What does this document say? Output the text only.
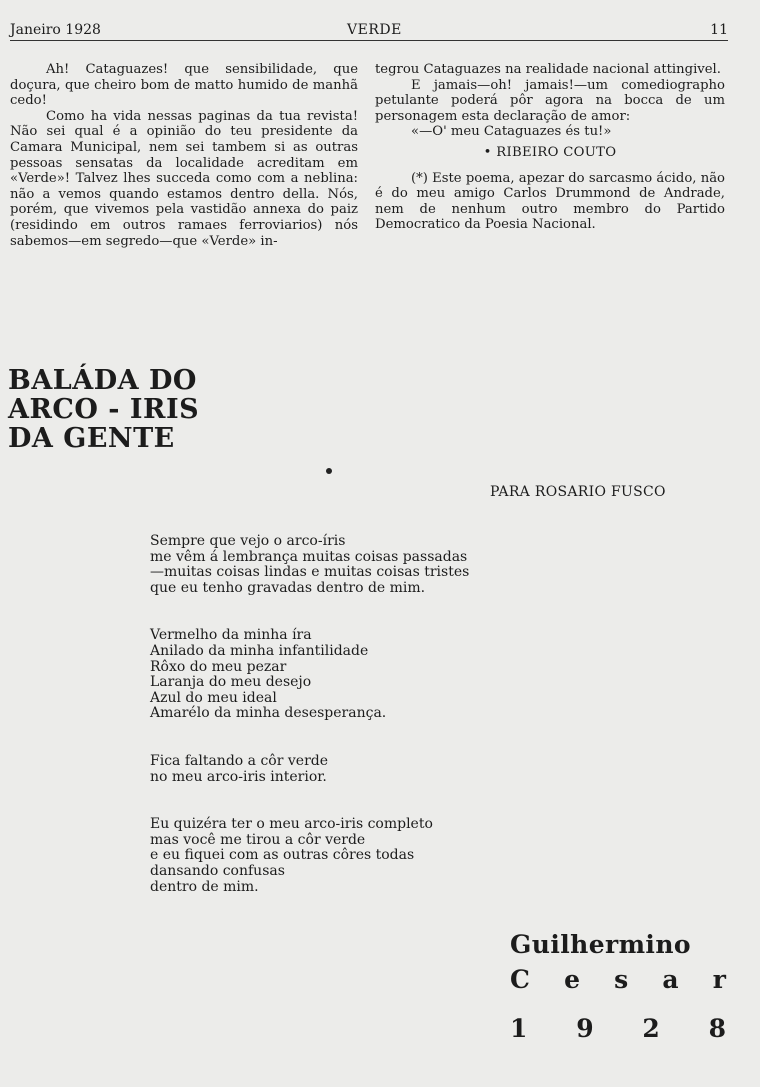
Janeiro 1928	VERDE	11

Ah! Cataguazes! que sensibilidade, que doçura, que cheiro bom de matto humido de manhã cedo!

Como ha vida nessas paginas da tua revista! Não sei qual é a opinião do teu presidente da Camara Municipal, nem sei tambem si as outras pessoas sensatas da localidade acreditam em «Verde»! Talvez lhes succeda como com a neblina: não a vemos quando estamos dentro della. Nós, porém, que vivemos pela vastidão annexa do paiz (residindo em outros ramaes ferroviarios) nós sabemos—em segredo—que «Verde» in-

tegrou Cataguazes na realidade nacional attingivel.

E jamais—oh! jamais!—um comediographo petulante poderá pôr agora na bocca de um personagem esta declaração de amor:

«—O' meu Cataguazes és tu!»

• RIBEIRO COUTO

(*) Este poema, apezar do sarcasmo ácido, não é do meu amigo Carlos Drummond de Andrade, nem de nenhum outro membro do Partido Democratico da Poesia Nacional.

BALÁDA DO
ARCO - IRIS
DA GENTE
PARA ROSARIO FUSCO
Sempre que vejo o arco-íris
me vêm á lembrança muitas coisas passadas
—muitas coisas lindas e muitas coisas tristes
que eu tenho gravadas dentro de mim.
Vermelho da minha íra
Anilado da minha infantilidade
Rôxo do meu pezar
Laranja do meu desejo
Azul do meu ideal
Amarélo da minha desesperança.
Fica faltando a côr verde
no meu arco-iris interior.
Eu quizéra ter o meu arco-iris completo
mas você me tirou a côr verde
e eu fiquei com as outras côres todas
dansando confusas
dentro de mim.
Guilhermino
C e s a r
1 9 2 8
